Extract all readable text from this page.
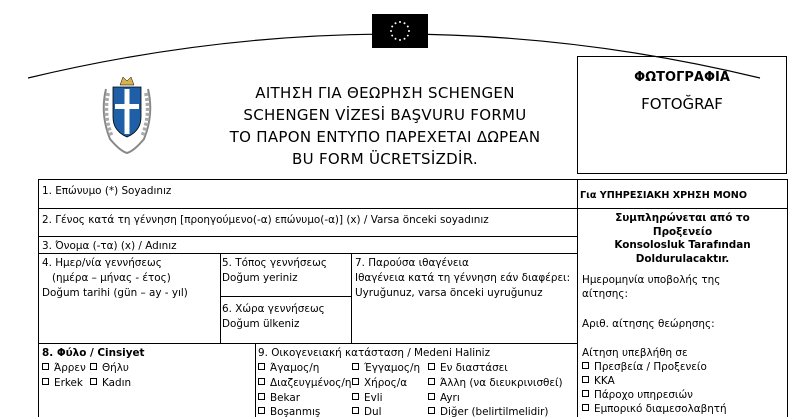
ΑΙΤΗΣΗ ΓΙΑ ΘΕΩΡΗΣΗ SCHENGEN
SCHENGEN VİZESİ BAŞVURU FORMU
ΤΟ ΠΑΡΟΝ ΕΝΤΥΠΟ ΠΑΡΕΧΕΤΑΙ ΔΩΡΕΑΝ
BU FORM ÜCRETSİZDİR.
ΦΩΤΟΓΡΑΦΙΑ
FOTOĞRAF
1. Επώνυμο (*) Soyadınız
2. Γένος κατά τη γέννηση [προηγούμενο(-α) επώνυμο(-α)] (x) / Varsa önceki soyadınız
3. Όνομα (-τα) (x) / Adınız
4. Ημερ/νία γεννήσεως
(ημέρα – μήνας - έτος)
Doğum tarihi (gün – ay - yıl)
5. Τόπος γεννήσεως
Doğum yeriniz
6. Χώρα γεννήσεως
Doğum ülkeniz
7. Παρούσα ιθαγένεια
Ιθαγένεια κατά τη γέννηση εάν διαφέρει:
Uyruğunuz, varsa önceki uyruğunuz
8. Φύλο / Cinsiyet
Άρρεν	Θήλυ
Erkek	Kadın
9. Οικογενειακή κατάσταση / Medeni Haliniz
Άγαμος/η	Έγγαμος/η	Εν διαστάσει
Διαζευγμένος/η	Χήρος/α	Άλλη (να διευκρινισθεί)
Bekar	Evli	Ayrı
Boşanmış	Dul	Diğer (belirtilmelidir)
Για ΥΠΗΡΕΣΙΑΚΗ ΧΡΗΣΗ ΜΟΝΟ
Συμπληρώνεται από το
Προξενείο
Konsolosluk Tarafından
Doldurulacaktır.
Ημερομηνία υποβολής της
αίτησης:
Αριθ. αίτησης θεώρησης:
Αίτηση υπεβλήθη σε
Πρεσβεία / Προξενείο
ΚΚΑ
Πάροχο υπηρεσιών
Εμπορικό διαμεσολαβητή
